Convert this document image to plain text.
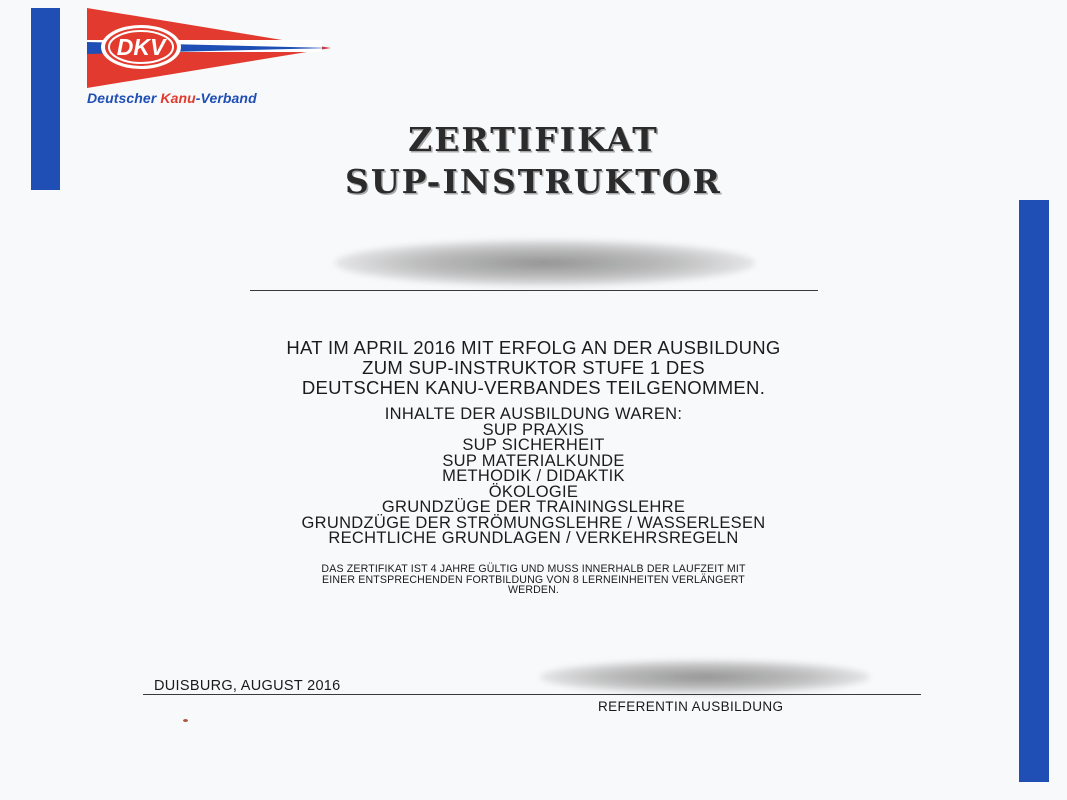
DKV
Deutscher Kanu-Verband
ZERTIFIKAT
SUP-INSTRUKTOR
HAT IM APRIL 2016 MIT ERFOLG AN DER AUSBILDUNG
ZUM SUP-INSTRUKTOR STUFE 1 DES
DEUTSCHEN KANU-VERBANDES TEILGENOMMEN.
INHALTE DER AUSBILDUNG WAREN:
SUP PRAXIS
SUP SICHERHEIT
SUP MATERIALKUNDE
METHODIK / DIDAKTIK
ÖKOLOGIE
GRUNDZÜGE DER TRAININGSLEHRE
GRUNDZÜGE DER STRÖMUNGSLEHRE / WASSERLESEN
RECHTLICHE GRUNDLAGEN / VERKEHRSREGELN
DAS ZERTIFIKAT IST 4 JAHRE GÜLTIG UND MUSS INNERHALB DER LAUFZEIT MIT
EINER ENTSPRECHENDEN FORTBILDUNG VON 8 LERNEINHEITEN VERLÄNGERT
WERDEN.
DUISBURG, AUGUST 2016
REFERENTIN AUSBILDUNG
